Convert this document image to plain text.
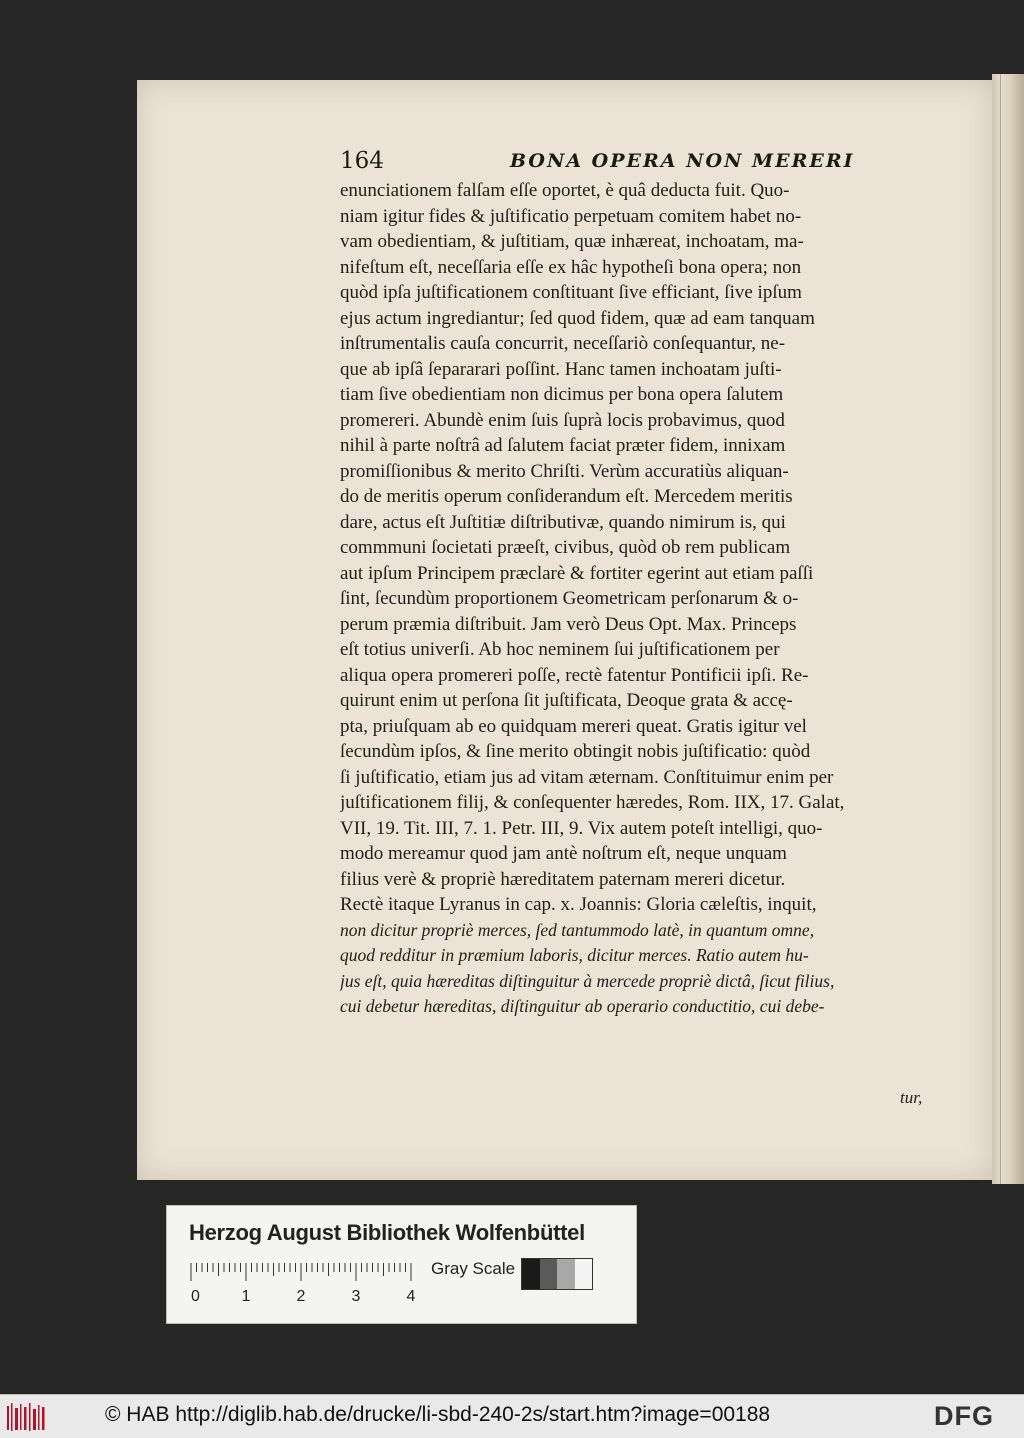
164	BONA OPERA NON MERERI
enunciationem falſam eſſe oportet, è quâ deducta fuit. Quo-
niam igitur fides & juſtificatio perpetuam comitem habet no-
vam obedientiam, & juſtitiam, quæ inhæreat, inchoatam, ma-
nifeſtum eſt, neceſſaria eſſe ex hâc hypotheſi bona opera; non
quòd ipſa juſtificationem conſtituant ſive efficiant, ſive ipſum
ejus actum ingrediantur; ſed quod fidem, quæ ad eam tanquam
inſtrumentalis cauſa concurrit, neceſſariò conſequantur, ne-
que ab ipſâ ſepararari poſſint. Hanc tamen inchoatam juſti-
tiam ſive obedientiam non dicimus per bona opera ſalutem
promereri. Abundè enim ſuis ſuprà locis probavimus, quod
nihil à parte noſtrâ ad ſalutem faciat præter fidem, innixam
promiſſionibus & merito Chriſti. Verùm accuratiùs aliquan-
do de meritis operum conſiderandum eſt. Mercedem meritis
dare, actus eſt Juſtitiæ diſtributivæ, quando nimirum is, qui
commmuni ſocietati præeſt, civibus, quòd ob rem publicam
aut ipſum Principem præclarè & fortiter egerint aut etiam paſſi
ſint, ſecundùm proportionem Geometricam perſonarum & o-
perum præmia diſtribuit. Jam verò Deus Opt. Max. Princeps
eſt totius univerſi. Ab hoc neminem ſui juſtificationem per
aliqua opera promereri poſſe, rectè fatentur Pontificii ipſi. Re-
quirunt enim ut perſona ſit juſtificata, Deoque grata & accę-
pta, priuſquam ab eo quidquam mereri queat. Gratis igitur vel
ſecundùm ipſos, & ſine merito obtingit nobis juſtificatio: quòd
ſi juſtificatio, etiam jus ad vitam æternam. Conſtituimur enim per
juſtificationem filij, & conſequenter hæredes, Rom. IIX, 17. Galat,
VII, 19. Tit. III, 7. 1. Petr. III, 9. Vix autem poteſt intelligi, quo-
modo mereamur quod jam antè noſtrum eſt, neque unquam
filius verè & propriè hæreditatem paternam mereri dicetur.
Rectè itaque Lyranus in cap. x. Joannis: Gloria cæleſtis, inquit,
non dicitur propriè merces, ſed tantummodo latè, in quantum omne,
quod redditur in præmium laboris, dicitur merces. Ratio autem hu-
jus eſt, quia hæreditas diſtinguitur à mercede propriè dictâ, ſicut filius,
cui debetur hæreditas, diſtinguitur ab operario conductitio, cui debe-
tur,
Herzog August Bibliothek Wolfenbüttel
0	1	2	3	4
Gray Scale
© HAB http://diglib.hab.de/drucke/li-sbd-240-2s/start.htm?image=00188	DFG
